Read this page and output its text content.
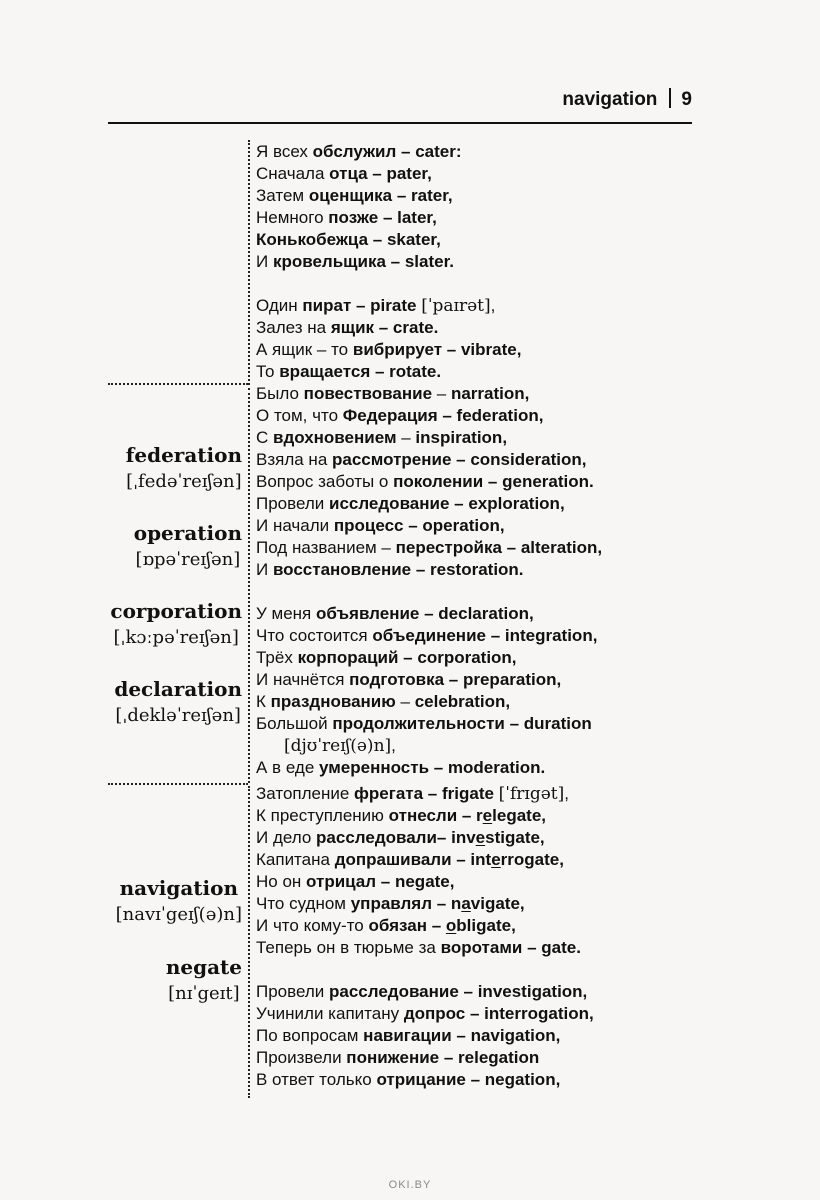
navigation 9
federation
[ˌfedəˈreɪʃən]
operation
[ɒpəˈreɪʃən]
corporation
[ˌkɔːpəˈreɪʃən]
declaration
[ˌdekləˈreɪʃən]
navigation
[navɪˈgeɪʃ(ə)n]
negate
[nɪˈgeɪt]
Я всех обслужил – cater:
Сначала отца – pater,
Затем оценщика – rater,
Немного позже – later,
Конькобежца – skater,
И кровельщика – slater.
Один пират – pirate [ˈpaɪrət],
Залез на ящик – crate.
А ящик – то вибрирует – vibrate,
То вращается – rotate.
Было повествование – narration,
О том, что Федерация – federation,
С вдохновением – inspiration,
Взяла на рассмотрение – consideration,
Вопрос заботы о поколении – generation.
Провели исследование – exploration,
И начали процесс – operation,
Под названием – перестройка – alteration,
И восстановление – restoration.
У меня объявление – declaration,
Что состоится объединение – integration,
Трёх корпораций – corporation,
И начнётся подготовка – preparation,
К празднованию – celebration,
Большой продолжительности – duration
[djʊˈreɪʃ(ə)n],
А в еде умеренность – moderation.
Затопление фрегата – frigate [ˈfrɪgət],
К преступлению отнесли – relegate,
И дело расследовали– investigate,
Капитана допрашивали – interrogate,
Но он отрицал – negate,
Что судном управлял – navigate,
И что кому-то обязан – obligate,
Теперь он в тюрьме за воротами – gate.
Провели расследование – investigation,
Учинили капитану допрос – interrogation,
По вопросам навигации – navigation,
Произвели понижение – relegation
В ответ только отрицание – negation,
OKI.BY
